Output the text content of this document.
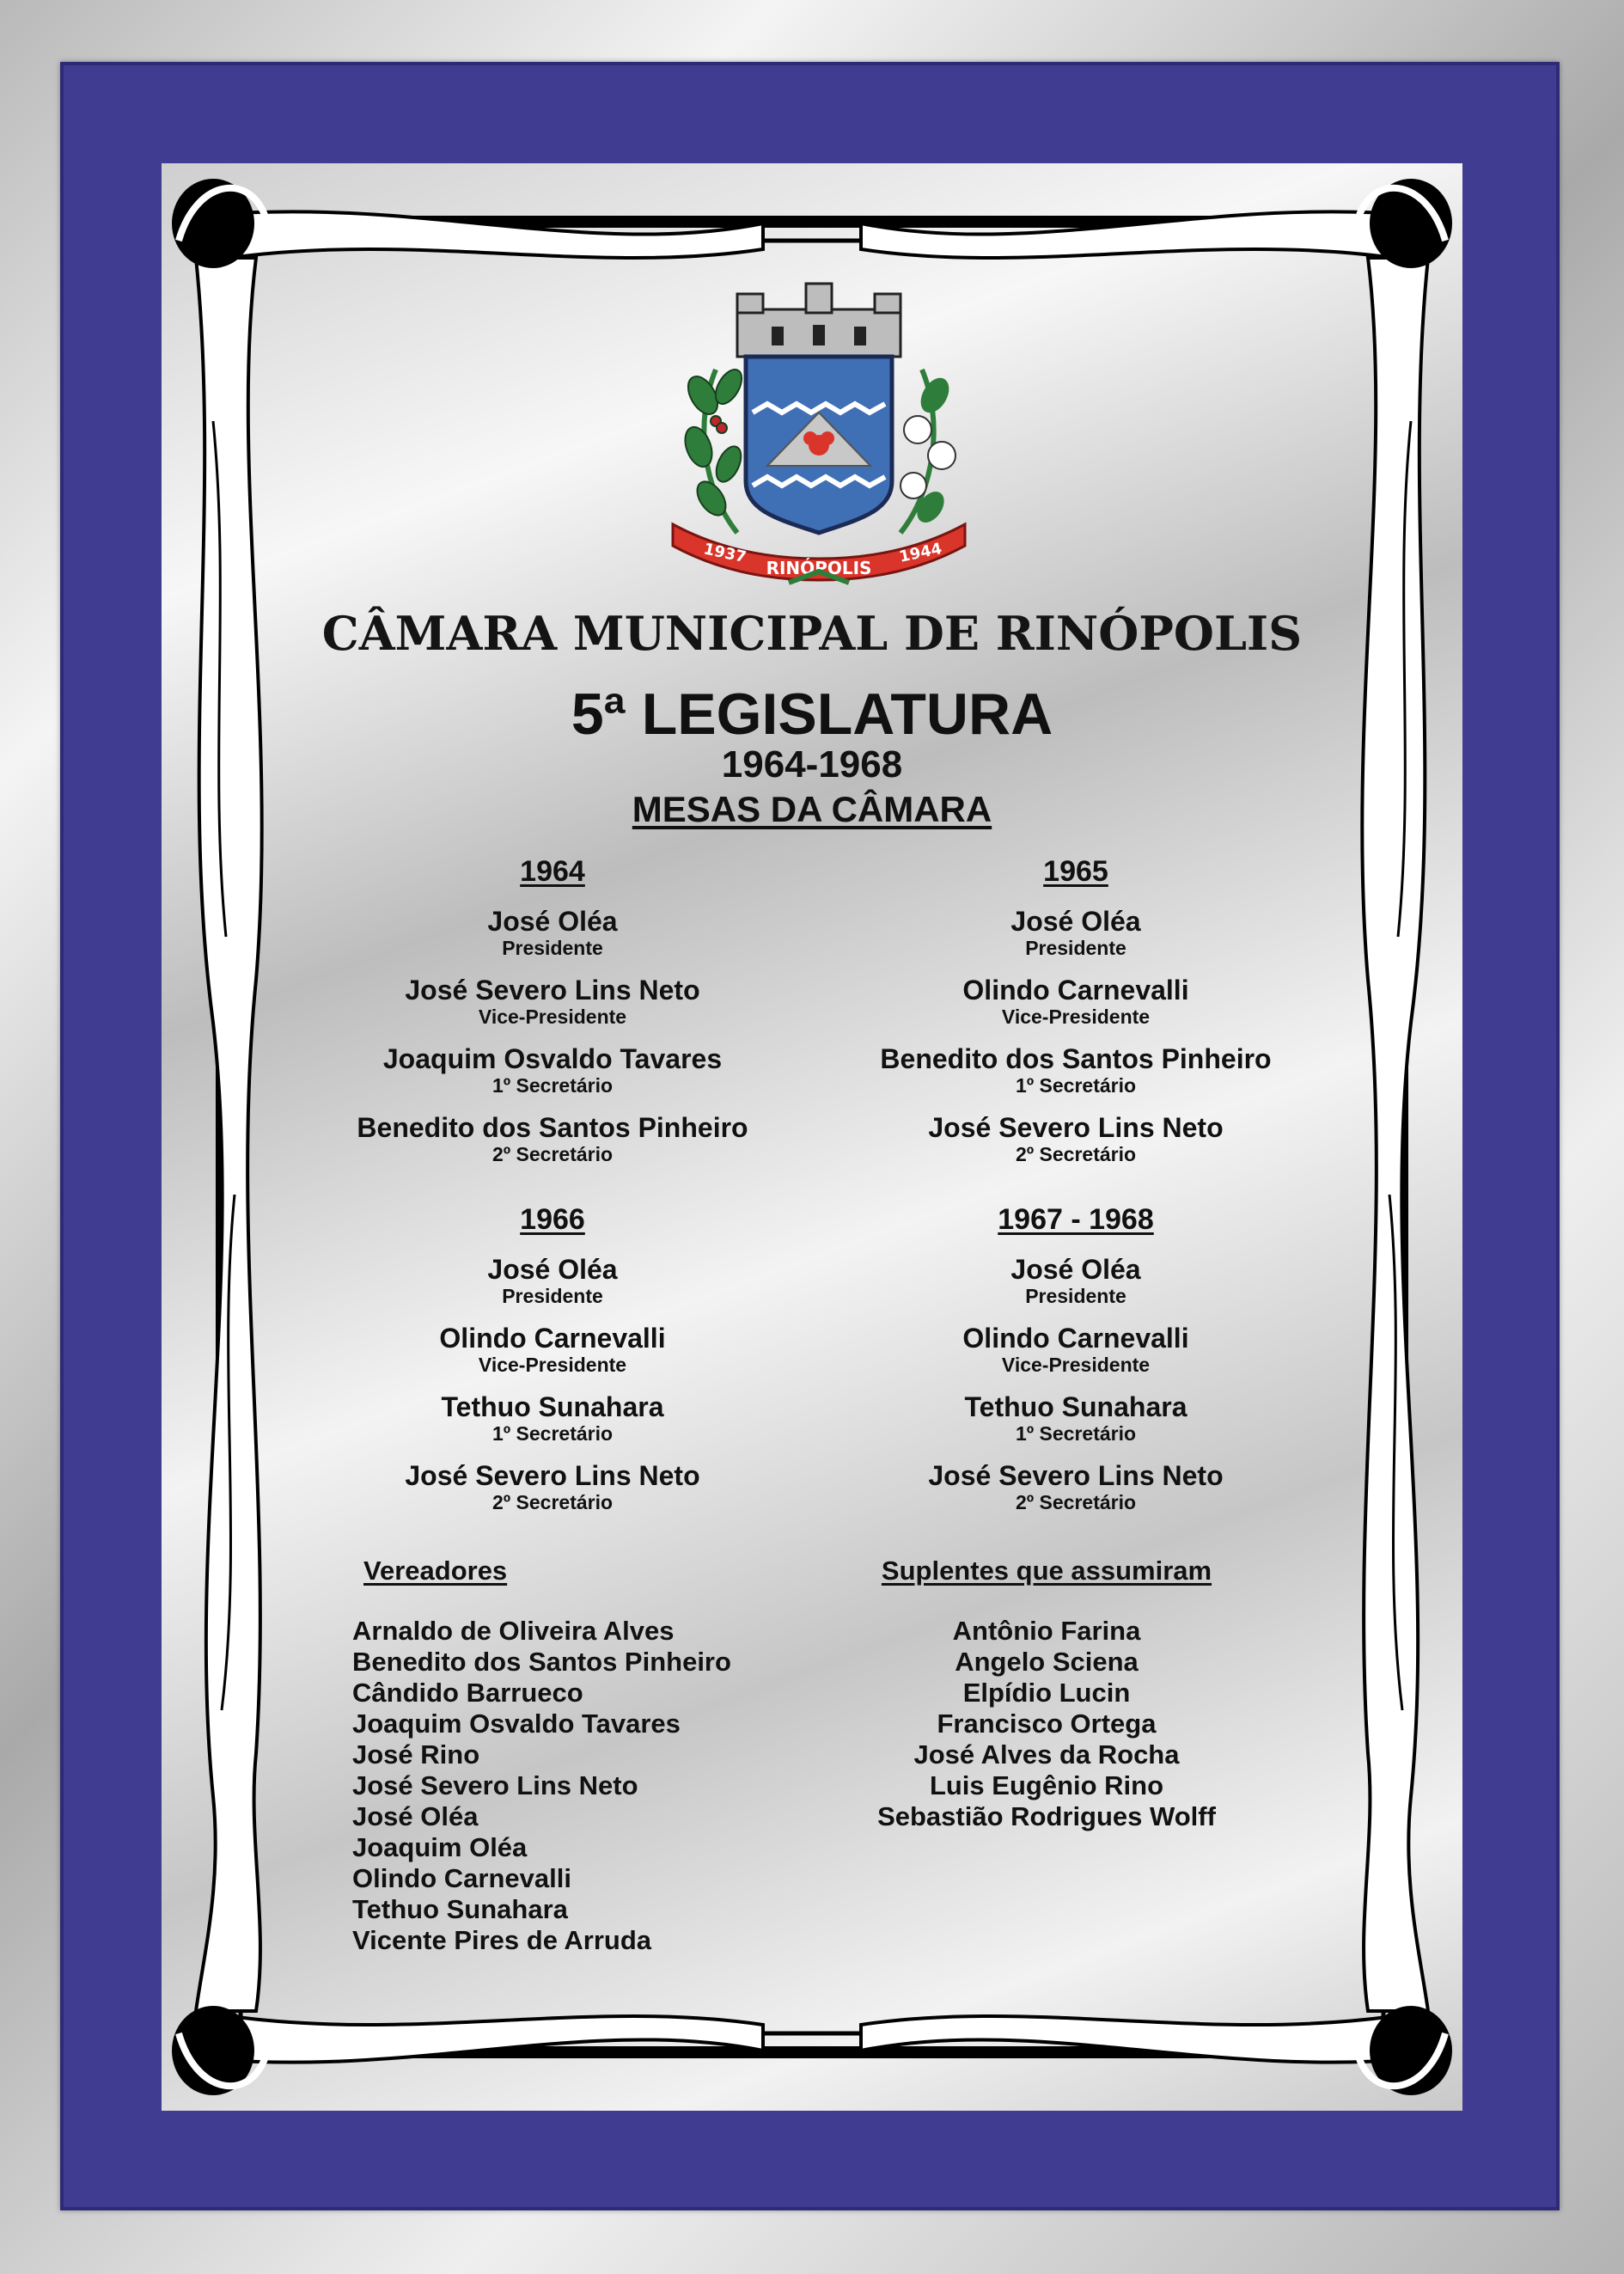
1937
RINÓPOLIS
1944
CÂMARA MUNICIPAL DE RINÓPOLIS
5ª LEGISLATURA
1964-1968
MESAS DA CÂMARA
1964
José Oléa
Presidente
José Severo Lins Neto
Vice-Presidente
Joaquim Osvaldo Tavares
1º Secretário
Benedito dos Santos Pinheiro
2º Secretário
1965
José Oléa
Presidente
Olindo Carnevalli
Vice-Presidente
Benedito dos Santos Pinheiro
1º Secretário
José Severo Lins Neto
2º Secretário
1966
José Oléa
Presidente
Olindo Carnevalli
Vice-Presidente
Tethuo Sunahara
1º Secretário
José Severo Lins Neto
2º Secretário
1967 - 1968
José Oléa
Presidente
Olindo Carnevalli
Vice-Presidente
Tethuo Sunahara
1º Secretário
José Severo Lins Neto
2º Secretário
Vereadores
Arnaldo de Oliveira Alves
Benedito dos Santos Pinheiro
Cândido Barrueco
Joaquim Osvaldo Tavares
José Rino
José Severo Lins Neto
José Oléa
Joaquim Oléa
Olindo Carnevalli
Tethuo Sunahara
Vicente Pires de Arruda
Suplentes que assumiram
Antônio Farina
Angelo Sciena
Elpídio Lucin
Francisco Ortega
José Alves da Rocha
Luis Eugênio Rino
Sebastião Rodrigues Wolff
